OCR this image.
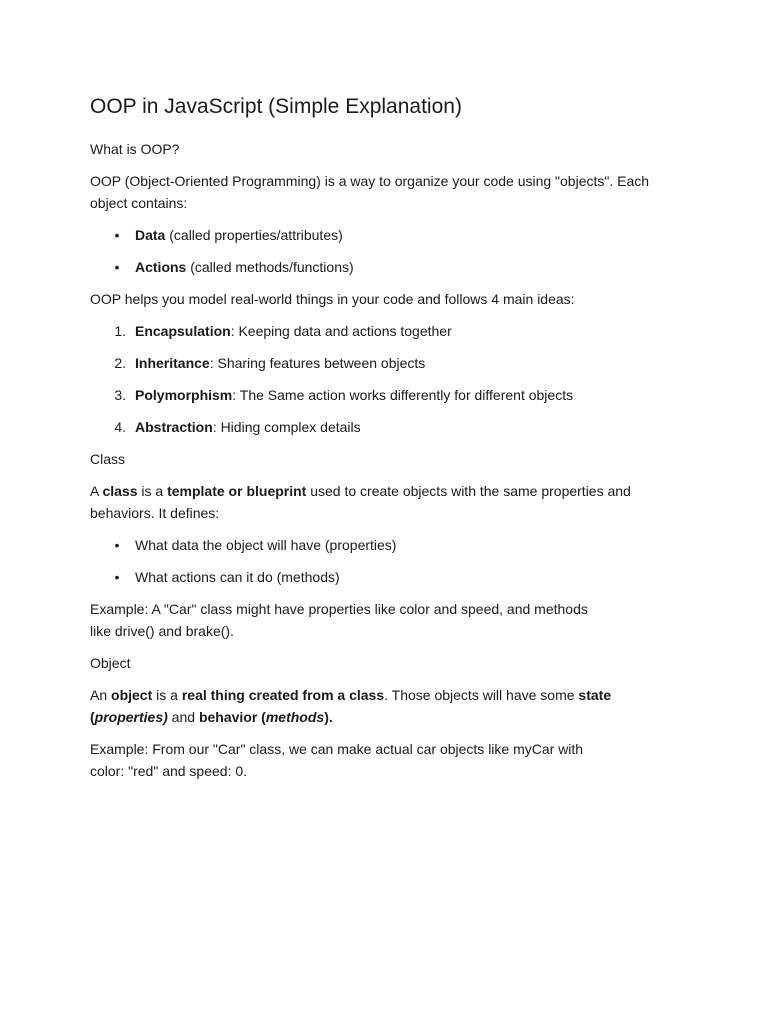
OOP in JavaScript (Simple Explanation)

What is OOP?

OOP (Object-Oriented Programming) is a way to organize your code using "objects". Each object contains:

• Data (called properties/attributes)
• Actions (called methods/functions)

OOP helps you model real-world things in your code and follows 4 main ideas:

1. Encapsulation: Keeping data and actions together
2. Inheritance: Sharing features between objects
3. Polymorphism: The Same action works differently for different objects
4. Abstraction: Hiding complex details

Class

A class is a template or blueprint used to create objects with the same properties and behaviors. It defines:

• What data the object will have (properties)
• What actions can it do (methods)

Example: A "Car" class might have properties like color and speed, and methods like drive() and brake().

Object

An object is a real thing created from a class. Those objects will have some state (properties) and behavior (methods).

Example: From our "Car" class, we can make actual car objects like myCar with color: "red" and speed: 0.
